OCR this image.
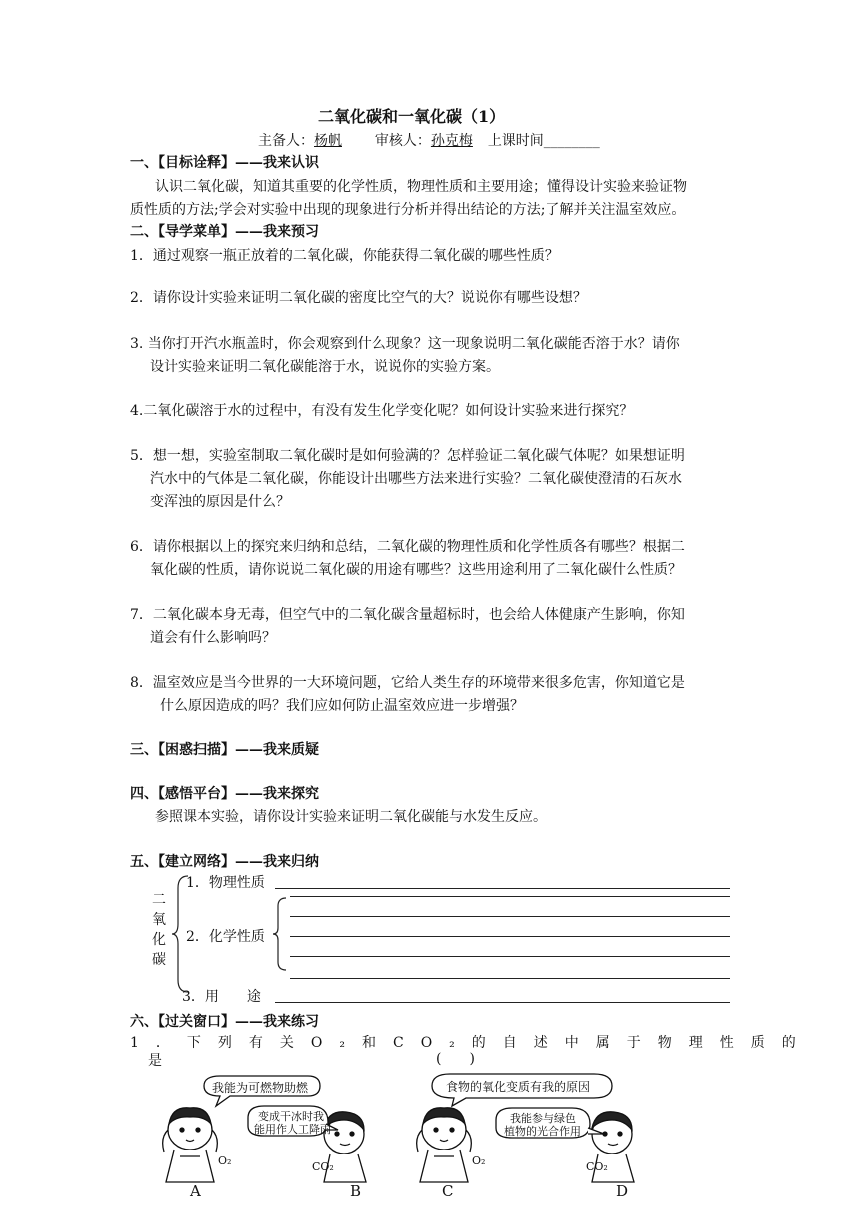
二氧化碳和一氧化碳（1）
主备人：杨帆 审核人：孙克梅 上课时间________
一、【目标诠释】——我来认识
认识二氧化碳，知道其重要的化学性质，物理性质和主要用途；懂得设计实验来验证物
质性质的方法;学会对实验中出现的现象进行分析并得出结论的方法;了解并关注温室效应。
二、【导学菜单】——我来预习
1．通过观察一瓶正放着的二氧化碳，你能获得二氧化碳的哪些性质？
2．请你设计实验来证明二氧化碳的密度比空气的大？说说你有哪些设想？
3. 当你打开汽水瓶盖时，你会观察到什么现象？这一现象说明二氧化碳能否溶于水？请你
设计实验来证明二氧化碳能溶于水，说说你的实验方案。
4.二氧化碳溶于水的过程中，有没有发生化学变化呢？如何设计实验来进行探究？
5．想一想，实验室制取二氧化碳时是如何验满的？怎样验证二氧化碳气体呢？如果想证明
汽水中的气体是二氧化碳，你能设计出哪些方法来进行实验？二氧化碳使澄清的石灰水
变浑浊的原因是什么？
6．请你根据以上的探究来归纳和总结，二氧化碳的物理性质和化学性质各有哪些？根据二
氧化碳的性质，请你说说二氧化碳的用途有哪些？这些用途利用了二氧化碳什么性质？
7．二氧化碳本身无毒，但空气中的二氧化碳含量超标时，也会给人体健康产生影响，你知
道会有什么影响吗？
8．温室效应是当今世界的一大环境问题，它给人类生存的环境带来很多危害，你知道它是
什么原因造成的吗？我们应如何防止温室效应进一步增强？
三、【困惑扫描】——我来质疑
四、【感悟平台】——我来探究
参照课本实验，请你设计实验来证明二氧化碳能与水发生反应。
五、【建立网络】——我来归纳
二
氧
化
碳
1．物理性质
2．化学性质
3．用　　途
六、【过关窗口】——我来练习
1．下列有关O₂和CO₂的自述中属于物理性质的
是	(　　)
我能为可燃物助燃
变成干冰时我
能用作人工降雨
食物的氧化变质有我的原因
我能参与绿色
植物的光合作用
O₂	CO₂	O₂	CO₂
A	B	C	D
